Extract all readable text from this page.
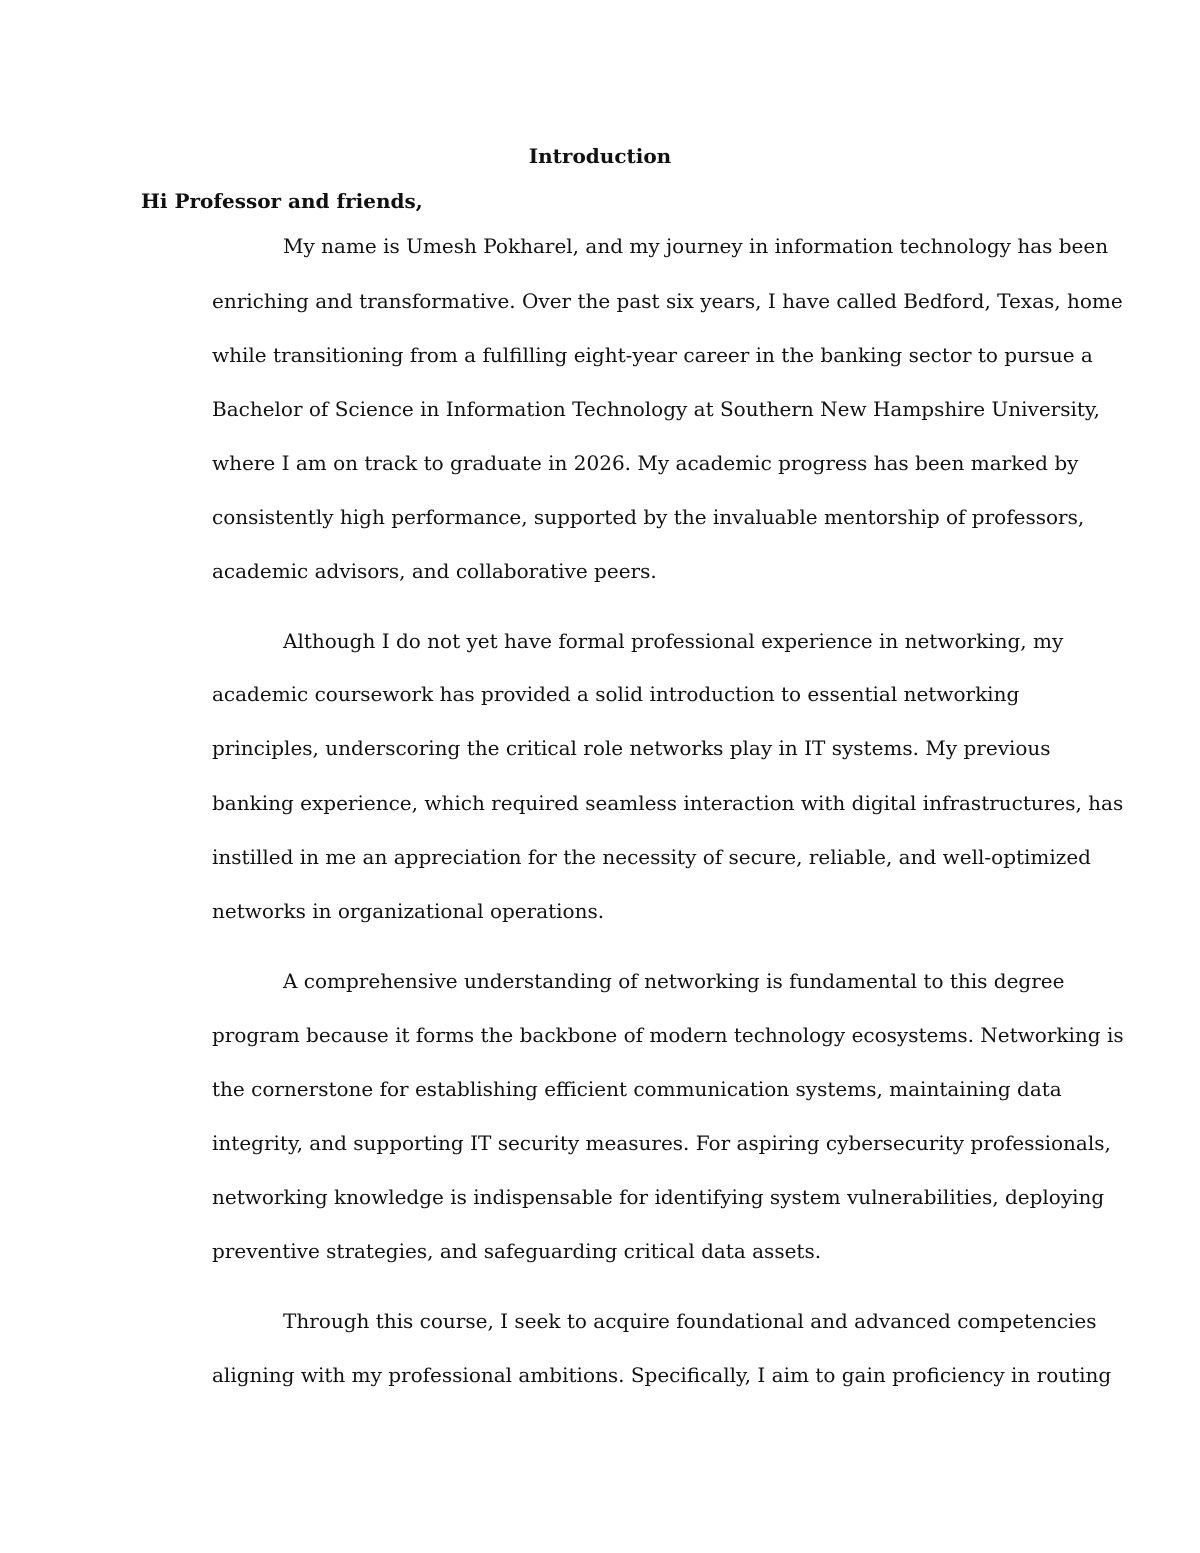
Introduction

Hi Professor and friends,

My name is Umesh Pokharel, and my journey in information technology has been

enriching and transformative. Over the past six years, I have called Bedford, Texas, home

while transitioning from a fulfilling eight-year career in the banking sector to pursue a

Bachelor of Science in Information Technology at Southern New Hampshire University,

where I am on track to graduate in 2026. My academic progress has been marked by

consistently high performance, supported by the invaluable mentorship of professors,

academic advisors, and collaborative peers.

Although I do not yet have formal professional experience in networking, my

academic coursework has provided a solid introduction to essential networking

principles, underscoring the critical role networks play in IT systems. My previous

banking experience, which required seamless interaction with digital infrastructures, has

instilled in me an appreciation for the necessity of secure, reliable, and well-optimized

networks in organizational operations.

A comprehensive understanding of networking is fundamental to this degree

program because it forms the backbone of modern technology ecosystems. Networking is

the cornerstone for establishing efficient communication systems, maintaining data

integrity, and supporting IT security measures. For aspiring cybersecurity professionals,

networking knowledge is indispensable for identifying system vulnerabilities, deploying

preventive strategies, and safeguarding critical data assets.

Through this course, I seek to acquire foundational and advanced competencies

aligning with my professional ambitions. Specifically, I aim to gain proficiency in routing
